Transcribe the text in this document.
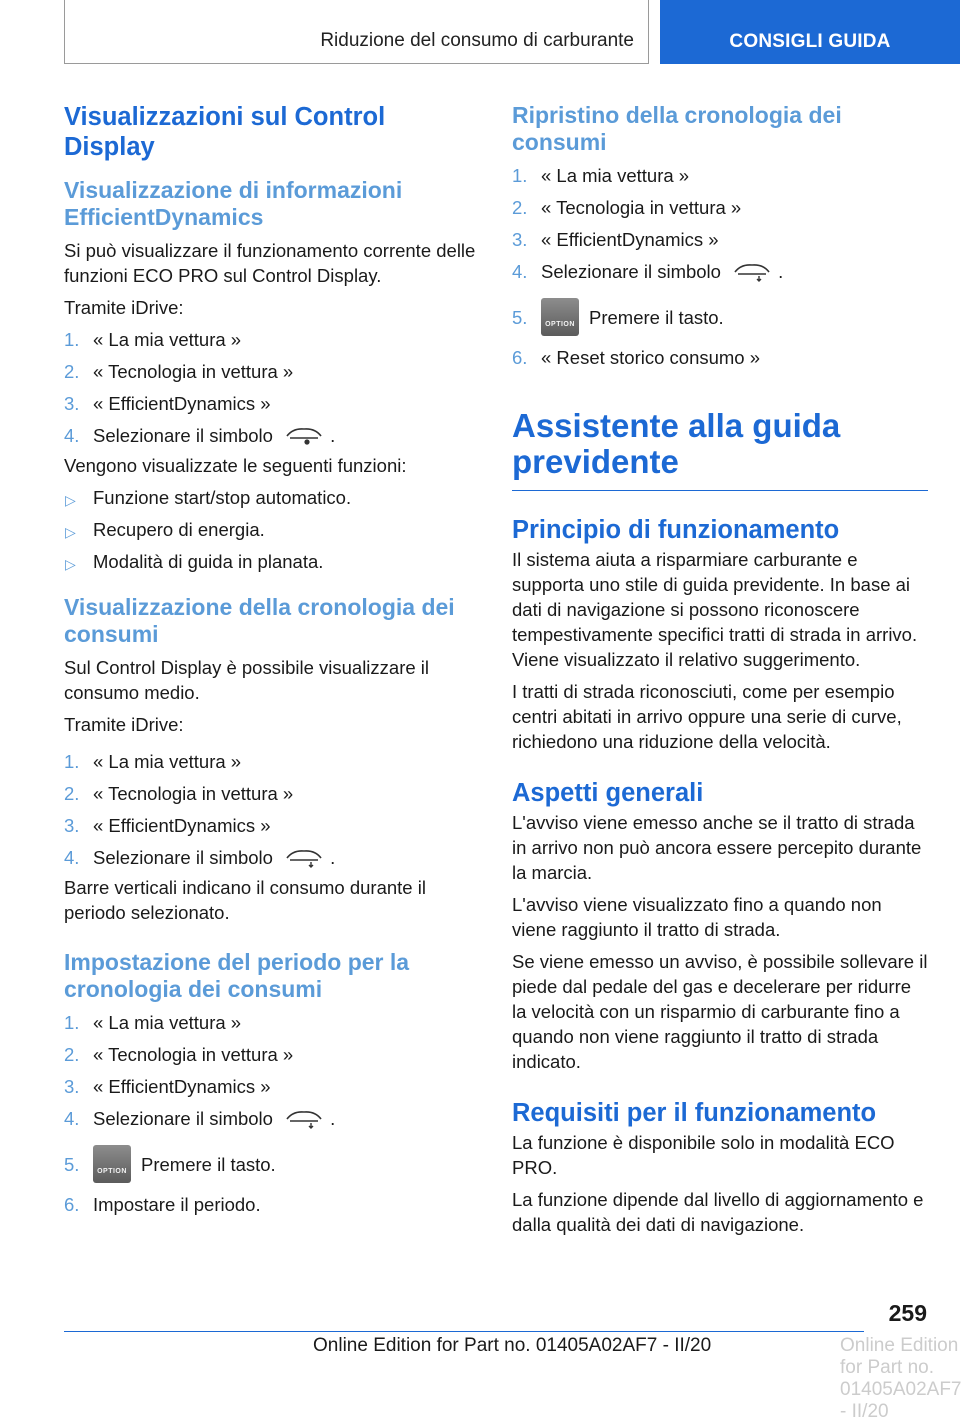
Riduzione del consumo di carburante	CONSIGLI GUIDA
Visualizzazioni sul Control Display
Visualizzazione di informazioni EfficientDynamics

Si può visualizzare il funzionamento corrente delle funzioni ECO PRO sul Control Display.

Tramite iDrive:

1. « La mia vettura »
2. « Tecnologia in vettura »
3. « EfficientDynamics »
4. Selezionare il simbolo	.

Vengono visualizzate le seguenti funzioni:

▷ Funzione start/stop automatico.
▷ Recupero di energia.
▷ Modalità di guida in planata.
Visualizzazione della cronologia dei consumi

Sul Control Display è possibile visualizzare il consumo medio.

Tramite iDrive:

1. « La mia vettura »
2. « Tecnologia in vettura »
3. « EfficientDynamics »
4. Selezionare il simbolo	.

Barre verticali indicano il consumo durante il periodo selezionato.

Impostazione del periodo per la cronologia dei consumi
1. « La mia vettura »
2. « Tecnologia in vettura »
3. « EfficientDynamics »
4. Selezionare il simbolo	.
5.	OPTION Premere il tasto.
6. Impostare il periodo.
Ripristino della cronologia dei consumi
1. « La mia vettura »
2. « Tecnologia in vettura »
3. « EfficientDynamics »
4. Selezionare il simbolo	.
5.	OPTION Premere il tasto.
6. « Reset storico consumo »
Assistente alla guida previdente
Principio di funzionamento

Il sistema aiuta a risparmiare carburante e supporta uno stile di guida previdente. In base ai dati di navigazione si possono riconoscere tempestivamente specifici tratti di strada in arrivo. Viene visualizzato il relativo suggerimento.

I tratti di strada riconosciuti, come per esempio centri abitati in arrivo oppure una serie di curve, richiedono una riduzione della velocità.

Aspetti generali

L'avviso viene emesso anche se il tratto di strada in arrivo non può ancora essere percepito durante la marcia.

L'avviso viene visualizzato fino a quando non viene raggiunto il tratto di strada.

Se viene emesso un avviso, è possibile sollevare il piede dal pedale del gas e decelerare per ridurre la velocità con un risparmio di carburante fino a quando non viene raggiunto il tratto di strada indicato.

Requisiti per il funzionamento

La funzione è disponibile solo in modalità ECO PRO.

La funzione dipende dal livello di aggiornamento e dalla qualità dei dati di navigazione.

259
Online Edition for Part no. 01405A02AF7 - II/20	Online Edition for Part no. 01405A02AF7 - II/20
